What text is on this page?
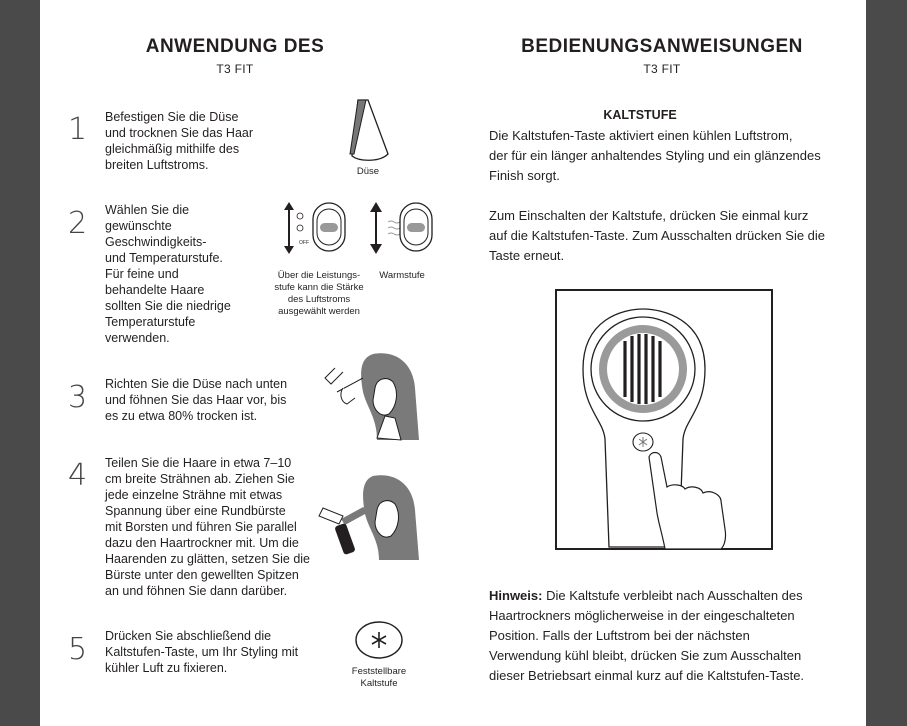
ANWENDUNG DES
T3 FIT
1 Befestigen Sie die Düse
und trocknen Sie das Haar
gleichmäßig mithilfe des
breiten Luftstroms.	Düse
2 Wählen Sie die
gewünschte
Geschwindigkeits-
und Temperaturstufe.
Für feine und
behandelte Haare
sollten Sie die niedrige
Temperaturstufe
verwenden.
OFF
Über die Leistungs-
stufe kann die Stärke
des Luftstroms
ausgewählt werden
Warmstufe
3 Richten Sie die Düse nach unten
und föhnen Sie das Haar vor, bis
es zu etwa 80% trocken ist.
4 Teilen Sie die Haare in etwa 7–10
cm breite Strähnen ab. Ziehen Sie
jede einzelne Strähne mit etwas
Spannung über eine Rundbürste
mit Borsten und führen Sie parallel
dazu den Haartrockner mit. Um die
Haarenden zu glätten, setzen Sie die
Bürste unter den gewellten Spitzen
an und föhnen Sie dann darüber.
5 Drücken Sie abschließend die
Kaltstufen-Taste, um Ihr Styling mit
kühler Luft zu fixieren.	Feststellbare
Kaltstufe
BEDIENUNGSANWEISUNGEN
T3 FIT
KALTSTUFE
Die Kaltstufen-Taste aktiviert einen kühlen Luftstrom,
der für ein länger anhaltendes Styling und ein glänzendes
Finish sorgt.
Zum Einschalten der Kaltstufe, drücken Sie einmal kurz
auf die Kaltstufen-Taste. Zum Ausschalten drücken Sie die
Taste erneut.
Hinweis: Die Kaltstufe verbleibt nach Ausschalten des
Haartrockners möglicherweise in der eingeschalteten
Position. Falls der Luftstrom bei der nächsten
Verwendung kühl bleibt, drücken Sie zum Ausschalten
dieser Betriebsart einmal kurz auf die Kaltstufen-Taste.
